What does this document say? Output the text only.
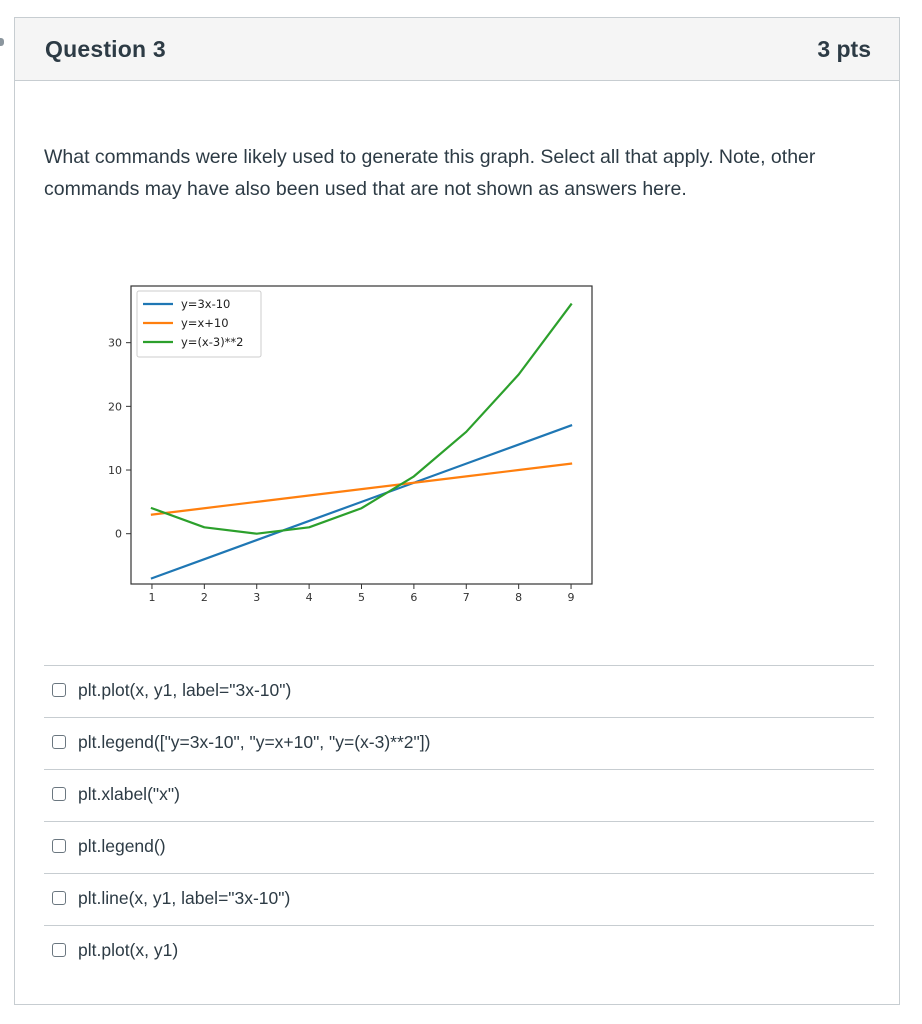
Question 3	3 pts
What commands were likely used to generate this graph. Select all that apply. Note, other commands may have also been used that are not shown as answers here.
1	2	3	4	5	6	7	8	9
0
10
20
30
y=3x-10
y=x+10
y=(x-3)**2
plt.plot(x, y1, label="3x-10")
plt.legend(["y=3x-10", "y=x+10", "y=(x-3)**2"])
plt.xlabel("x")
plt.legend()
plt.line(x, y1, label="3x-10")
plt.plot(x, y1)
